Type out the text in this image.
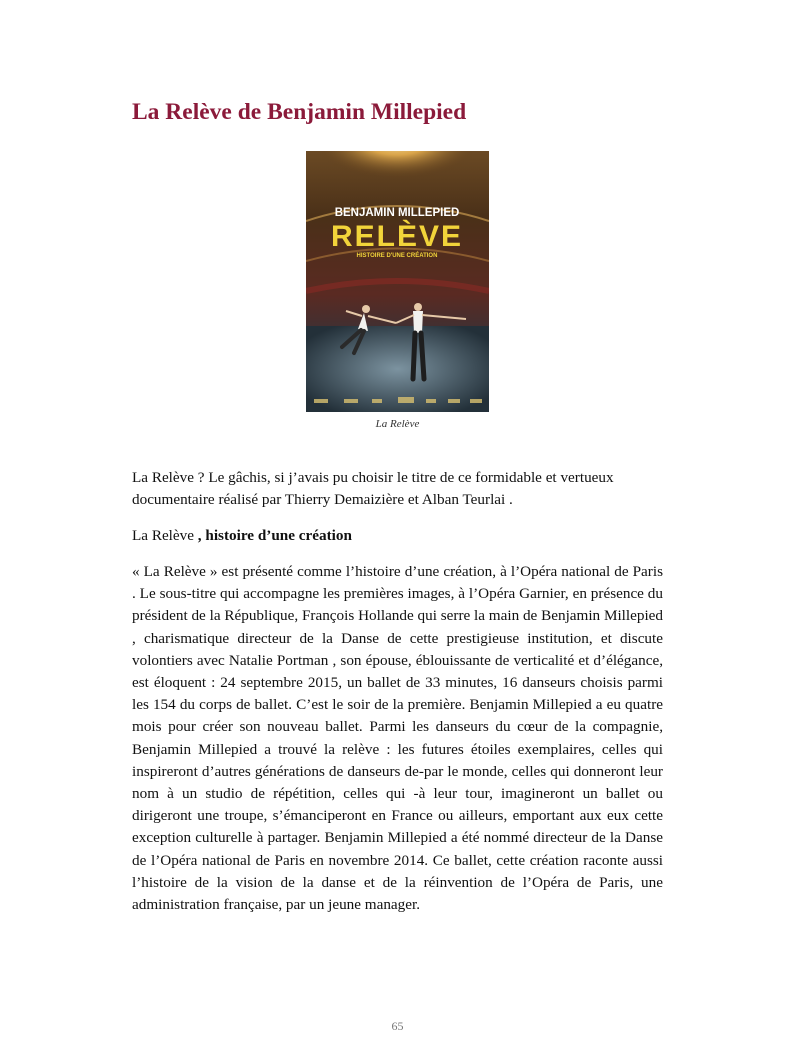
La Relève de Benjamin Millepied
BENJAMIN MILLEPIED
RELÈVE
HISTOIRE D'UNE CRÉATION
La Relève

La Relève ? Le gâchis, si j’avais pu choisir le titre de ce formidable et vertueux documentaire réalisé par Thierry Demaizière et Alban Teurlai .

La Relève , histoire d’une création

« La Relève » est présenté comme l’histoire d’une création, à l’Opéra national de Paris . Le sous-titre qui accompagne les premières images, à l’Opéra Garnier, en présence du président de la République, François Hollande qui serre la main de Benjamin Millepied , charismatique directeur de la Danse de cette prestigieuse institution, et discute volontiers avec Natalie Portman , son épouse, éblouissante de verticalité et d’élégance, est éloquent : 24 septembre 2015, un ballet de 33 minutes, 16 danseurs choisis parmi les 154 du corps de ballet. C’est le soir de la première. Benjamin Millepied a eu quatre mois pour créer son nouveau ballet. Parmi les danseurs du cœur de la compagnie, Benjamin Millepied a trouvé la relève : les futures étoiles exemplaires, celles qui inspireront d’autres générations de danseurs de-par le monde, celles qui donneront leur nom à un studio de répétition, celles qui -à leur tour, imagineront un ballet ou dirigeront une troupe, s’émanciperont en France ou ailleurs, emportant aux eux cette exception culturelle à partager. Benjamin Millepied a été nommé directeur de la Danse de l’Opéra national de Paris en novembre 2014. Ce ballet, cette création raconte aussi l’histoire de la vision de la danse et de la réinvention de l’Opéra de Paris, une administration française, par un jeune manager.

65
